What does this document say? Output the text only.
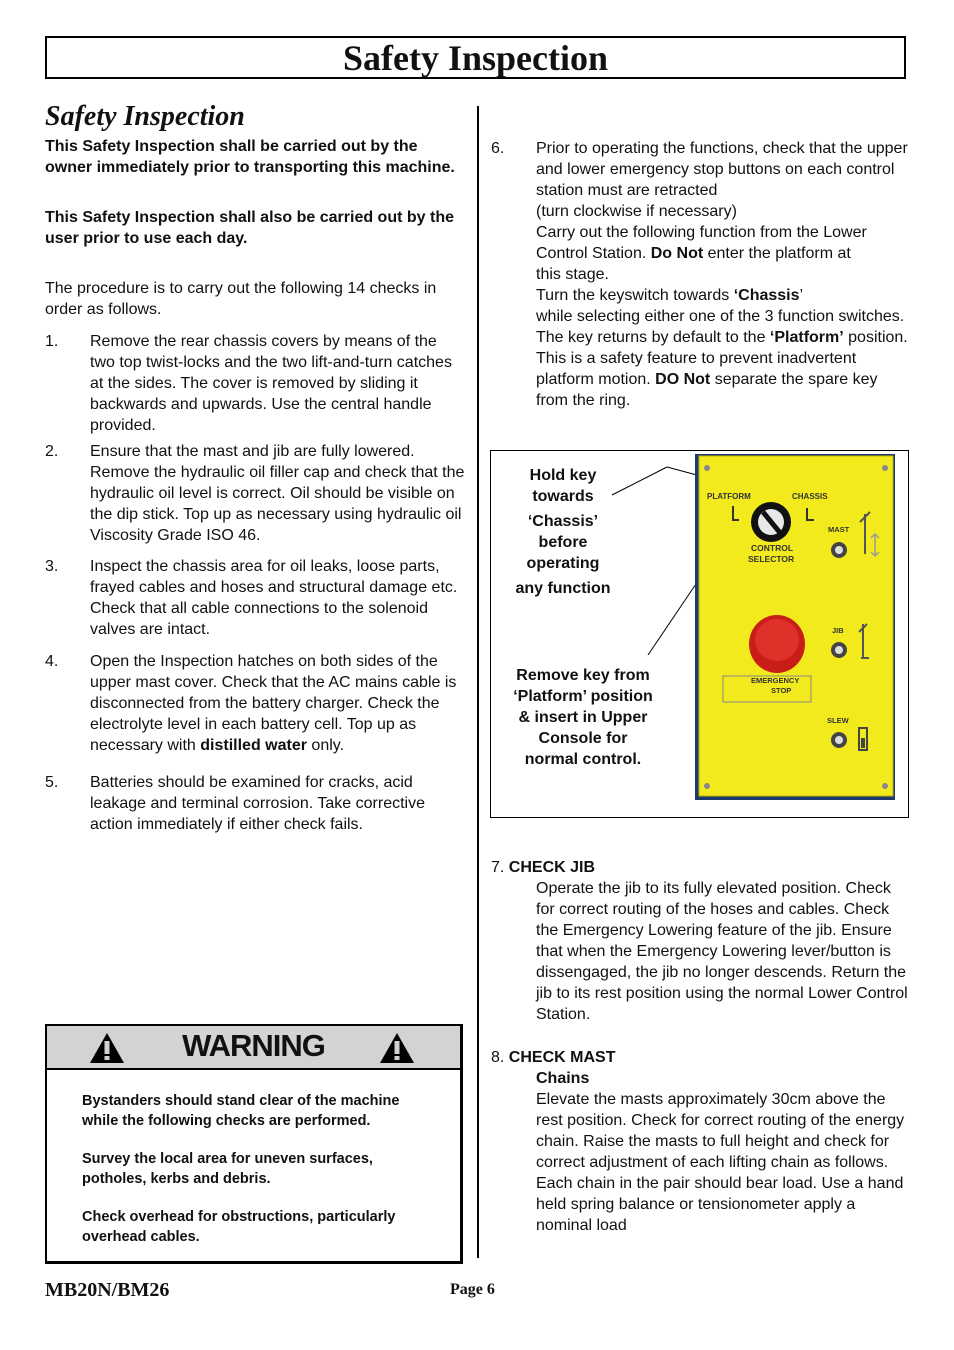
Safety Inspection
Safety Inspection

This Safety Inspection shall be carried out by the owner immediately prior to transporting this machine.

This Safety Inspection shall also be carried out by the user prior to use each day.

The procedure is to carry out the following 14 checks in order as follows.

1.	Remove the rear chassis covers by means of the two top twist-locks and the two lift-and-turn catches at the sides. The cover is removed by sliding it backwards and upwards. Use the central handle provided.
2.	Ensure that the mast and jib are fully lowered. Remove the hydraulic oil filler cap and check that the hydraulic oil level is correct. Oil should be visible on the dip stick. Top up as necessary using hydraulic oil Viscosity Grade ISO 46.
3.	Inspect the chassis area for oil leaks, loose parts, frayed cables and hoses and structural damage etc. Check that all cable connections to the solenoid valves are intact.
4.	Open the Inspection hatches on both sides of the upper mast cover. Check that the AC mains cable is disconnected from the battery charger. Check the electrolyte level in each battery cell. Top up as necessary with distilled water only.
5.	Batteries should be examined for cracks, acid leakage and terminal corrosion. Take corrective action immediately if either check fails.
WARNING

Bystanders should stand clear of the machine while the following checks are performed.

Survey the local area for uneven surfaces, potholes, kerbs and debris.

Check overhead for obstructions, particularly overhead cables.

6.	Prior to operating the functions, check that the upper and lower emergency stop buttons on each control station must are retracted
(turn clockwise if necessary)
Carry out the following function from the Lower Control Station. Do Not enter the platform at
this stage.
Turn the keyswitch towards ‘Chassis’
while selecting either one of the 3 function switches. The key returns by default to the ‘Platform’ position. This is a safety feature to prevent inadvertent platform motion. DO Not separate the spare key from the ring.
Hold key
towards
‘Chassis’
before
operating
any function
Remove key from
‘Platform’ position
& insert in Upper
Console for
normal control.
PLATFORM	CHASSIS
CONTROL
SELECTOR
MAST
JIB
EMERGENCY
STOP
SLEW
7. CHECK JIB
Operate the jib to its fully elevated position. Check for correct routing of the hoses and cables. Check the Emergency Lowering feature of the jib. Ensure that when the Emergency Lowering lever/button is dissengaged, the jib no longer descends. Return the jib to its rest position using the normal Lower Control Station.
8. CHECK MAST
Chains
Elevate the masts approximately 30cm above the rest position. Check for correct routing of the energy chain. Raise the masts to full height and check for correct adjustment of each lifting chain as follows. Each chain in the pair should bear load. Use a hand held spring balance or tensionometer apply a nominal load
MB20N/BM26	Page 6
